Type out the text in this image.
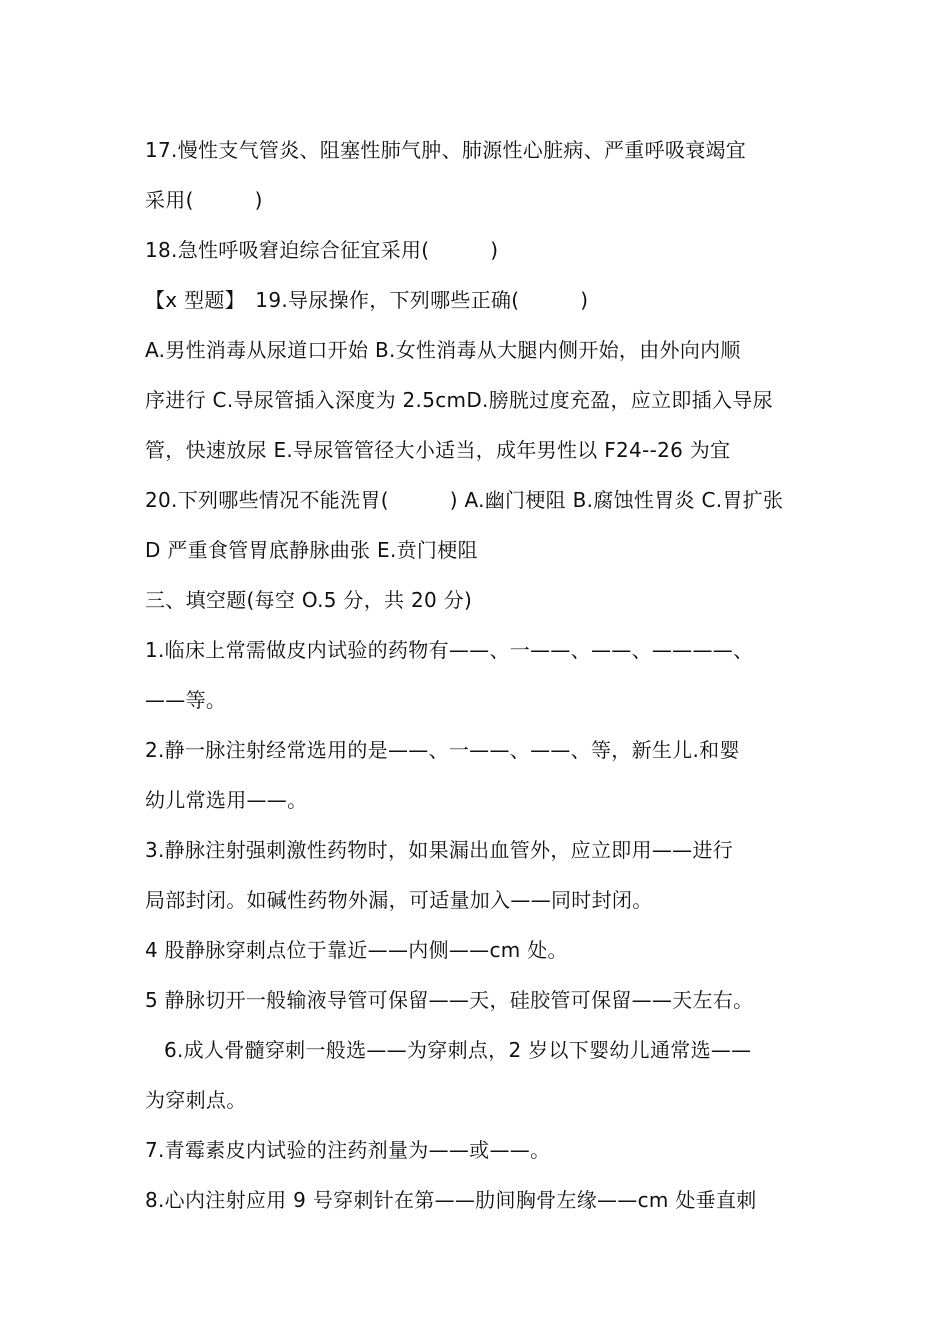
17.慢性支气管炎、阻塞性肺气肿、肺源性心脏病、严重呼吸衰竭宜
采用(　　　)
18.急性呼吸窘迫综合征宜采用(　　　)
【x 型题】　19.导尿操作，下列哪些正确(　　　)
A.男性消毒从尿道口开始 B.女性消毒从大腿内侧开始，由外向内顺
序进行 C.导尿管插入深度为 2.5cmD.膀胱过度充盈，应立即插入导尿
管，快速放尿 E.导尿管管径大小适当，成年男性以 F24--26 为宜
20.下列哪些情况不能洗胃(　　　) A.幽门梗阻 B.腐蚀性胃炎 C.胃扩张
D 严重食管胃底静脉曲张 E.贲门梗阻
三、填空题(每空 O.5 分，共 20 分)
1.临床上常需做皮内试验的药物有——、一——、——、————、
——等。
2.静一脉注射经常选用的是——、一——、——、等，新生儿.和婴
幼儿常选用——。
3.静脉注射强刺激性药物时，如果漏出血管外，应立即用——进行
局部封闭。如碱性药物外漏，可适量加入——同时封闭。
4 股静脉穿刺点位于靠近——内侧——cm 处。
5 静脉切开一般输液导管可保留——天，硅胶管可保留——天左右。
6.成人骨髓穿刺一般选——为穿刺点，2 岁以下婴幼儿通常选——
为穿刺点。
7.青霉素皮内试验的注药剂量为——或——。
8.心内注射应用 9 号穿刺针在第——肋间胸骨左缘——cm 处垂直刺
